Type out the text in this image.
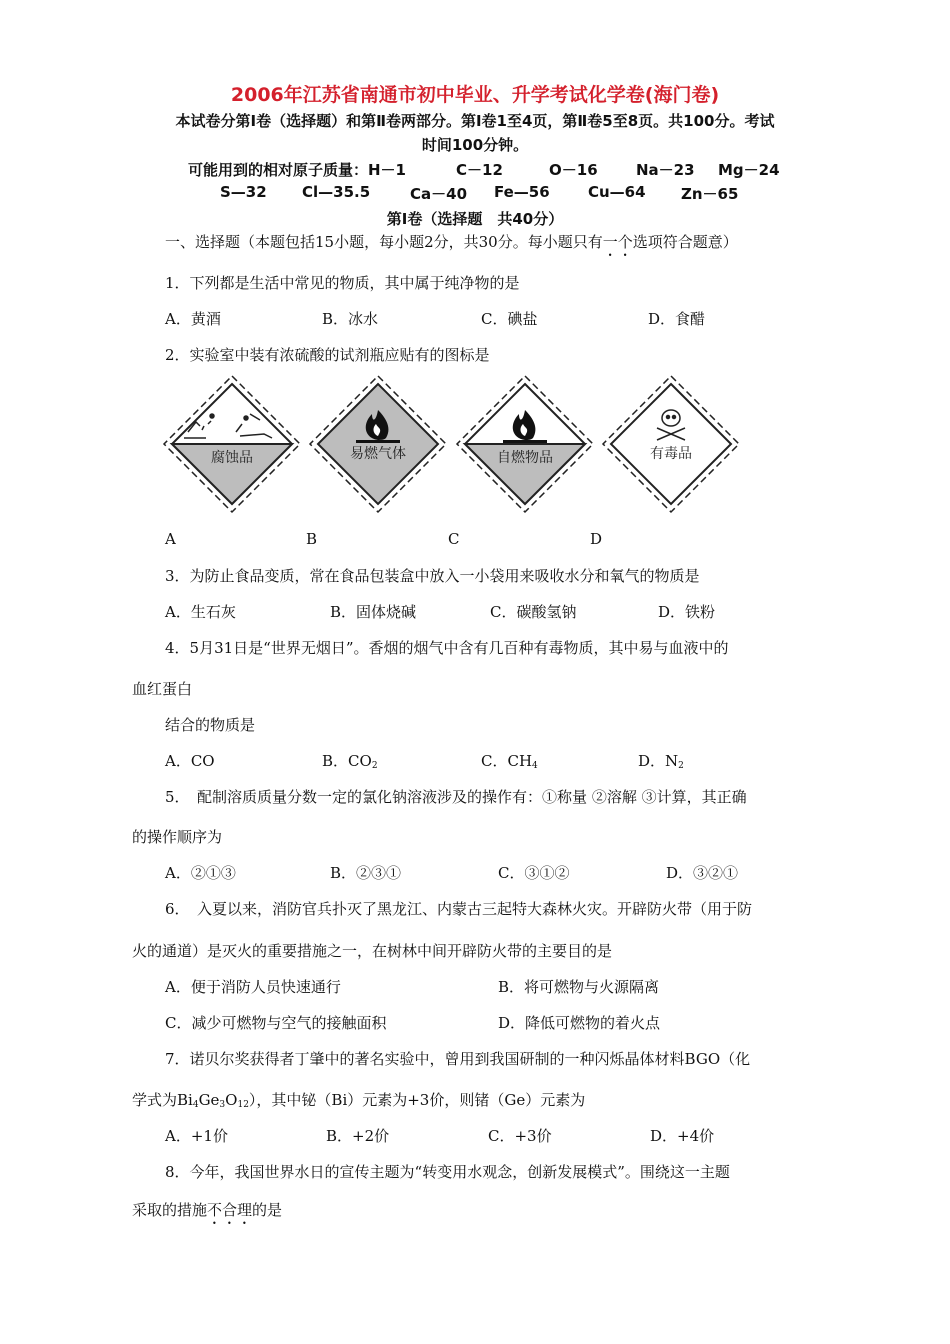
2006年江苏省南通市初中毕业、升学考试化学卷(海门卷)
本试卷分第Ⅰ卷（选择题）和第Ⅱ卷两部分。第Ⅰ卷1至4页，第Ⅱ卷5至8页。共100分。考试
时间100分钟。
可能用到的相对原子质量：H－1	C－12	O－16	Na－23 Mg－24
S—32 Cl—35.5	Ca－40 Fe—56	Cu—64 Zn－65
第Ⅰ卷（选择题　共40分）
一、选择题（本题包括15小题，每小题2分，共30分。每小题只有一个选项符合题意）
1．下列都是生活中常见的物质，其中属于纯净物的是
A．黄酒	B．冰水	C．碘盐	D．食醋
2．实验室中装有浓硫酸的试剂瓶应贴有的图标是
腐蚀品	易燃气体	自燃物品	有毒品
A	B	C	D
3．为防止食品变质，常在食品包装盒中放入一小袋用来吸收水分和氧气的物质是
A．生石灰	B．固体烧碱	C．碳酸氢钠	D．铁粉
4．5月31日是“世界无烟日”。香烟的烟气中含有几百种有毒物质，其中易与血液中的
血红蛋白
结合的物质是
A．CO	B．$CO_2$	C．$CH_4$	D．$N_2$
5．　配制溶质质量分数一定的氯化钠溶液涉及的操作有：①称量 ②溶解 ③计算，其正确
的操作顺序为
A．②①③	B．②③①	C．③①②	D．③②①
6．　入夏以来，消防官兵扑灭了黑龙江、内蒙古三起特大森林火灾。开辟防火带（用于防
火的通道）是灭火的重要措施之一，在树林中间开辟防火带的主要目的是
A．便于消防人员快速通行	B．将可燃物与火源隔离
C．减少可燃物与空气的接触面积	D．降低可燃物的着火点
7．诺贝尔奖获得者丁肇中的著名实验中，曾用到我国研制的一种闪烁晶体材料BGO（化
学式为$Bi_4Ge_3O_{12}$），其中铋（Bi）元素为+3价，则锗（Ge）元素为
A．+1价	B．+2价	C．+3价	D．+4价
8．今年，我国世界水日的宣传主题为“转变用水观念，创新发展模式”。围绕这一主题
采取的措施不合理的是
